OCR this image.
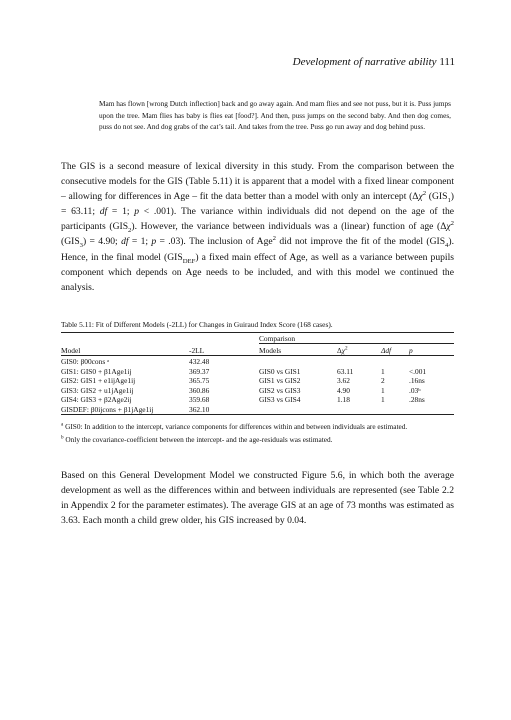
Development of narrative ability 111
Mam has flown [wrong Dutch inflection] back and go away again. And mam flies and see not puss, but it is. Puss jumps upon the tree. Mam flies has baby is flies eat [food?]. And then, puss jumps on the second baby. And then dog comes, puss do not see. And dog grabs of the cat’s tail. And takes from the tree. Puss go run away and dog behind puss.
The GIS is a second measure of lexical diversity in this study. From the comparison between the consecutive models for the GIS (Table 5.11) it is apparent that a model with a fixed linear component – allowing for differences in Age – fit the data better than a model with only an intercept ($\Delta\chi^2$ $(GIS_1) = 63.11$; df = 1; p < .001). The variance within individuals did not depend on the age of the participants $(GIS_2)$. However, the variance between individuals was a (linear) function of age ($\Delta\chi^2$ $(GIS_3) = 4.90$; df = 1; p = .03). The inclusion of Age$^2$ did not improve the fit of the model $(GIS_4)$. Hence, in the final model $(GIS_{DEF})$ a fixed main effect of Age, as well as a variance between pupils component which depends on Age needs to be included, and with this model we continued the analysis.
Table 5.11: Fit of Different Models (-2LL) for Changes in Guiraud Index Score (168 cases).
		Comparison			
Model	-2LL	Models	$\Delta\chi^2$	Δdf	p
GIS0: β00cons ᵃ	432.48				
GIS1: GIS0 + β1Age1ij	369.37	GIS0 vs GIS1	63.11	1	<.001
GIS2: GIS1 + e1ijAge1ij	365.75	GIS1 vs GIS2	3.62	2	.16ns
GIS3: GIS2 + u1jAge1ij	360.86	GIS2 vs GIS3	4.90	1	.03ᵇ
GIS4: GIS3 + β2Age2ij	359.68	GIS3 vs GIS4	1.18	1	.28ns
GISDEF: β0ijcons + β1jAge1ij	362.10				

$^a$ GIS0: In addition to the intercept, variance components for differences within and between individuals are estimated.

$^b$ Only the covariance-coefficient between the intercept- and the age-residuals was estimated.

Based on this General Development Model we constructed Figure 5.6, in which both the average development as well as the differences within and between individuals are represented (see Table 2.2 in Appendix 2 for the parameter estimates). The average GIS at an age of 73 months was estimated as 3.63. Each month a child grew older, his GIS increased by 0.04.
